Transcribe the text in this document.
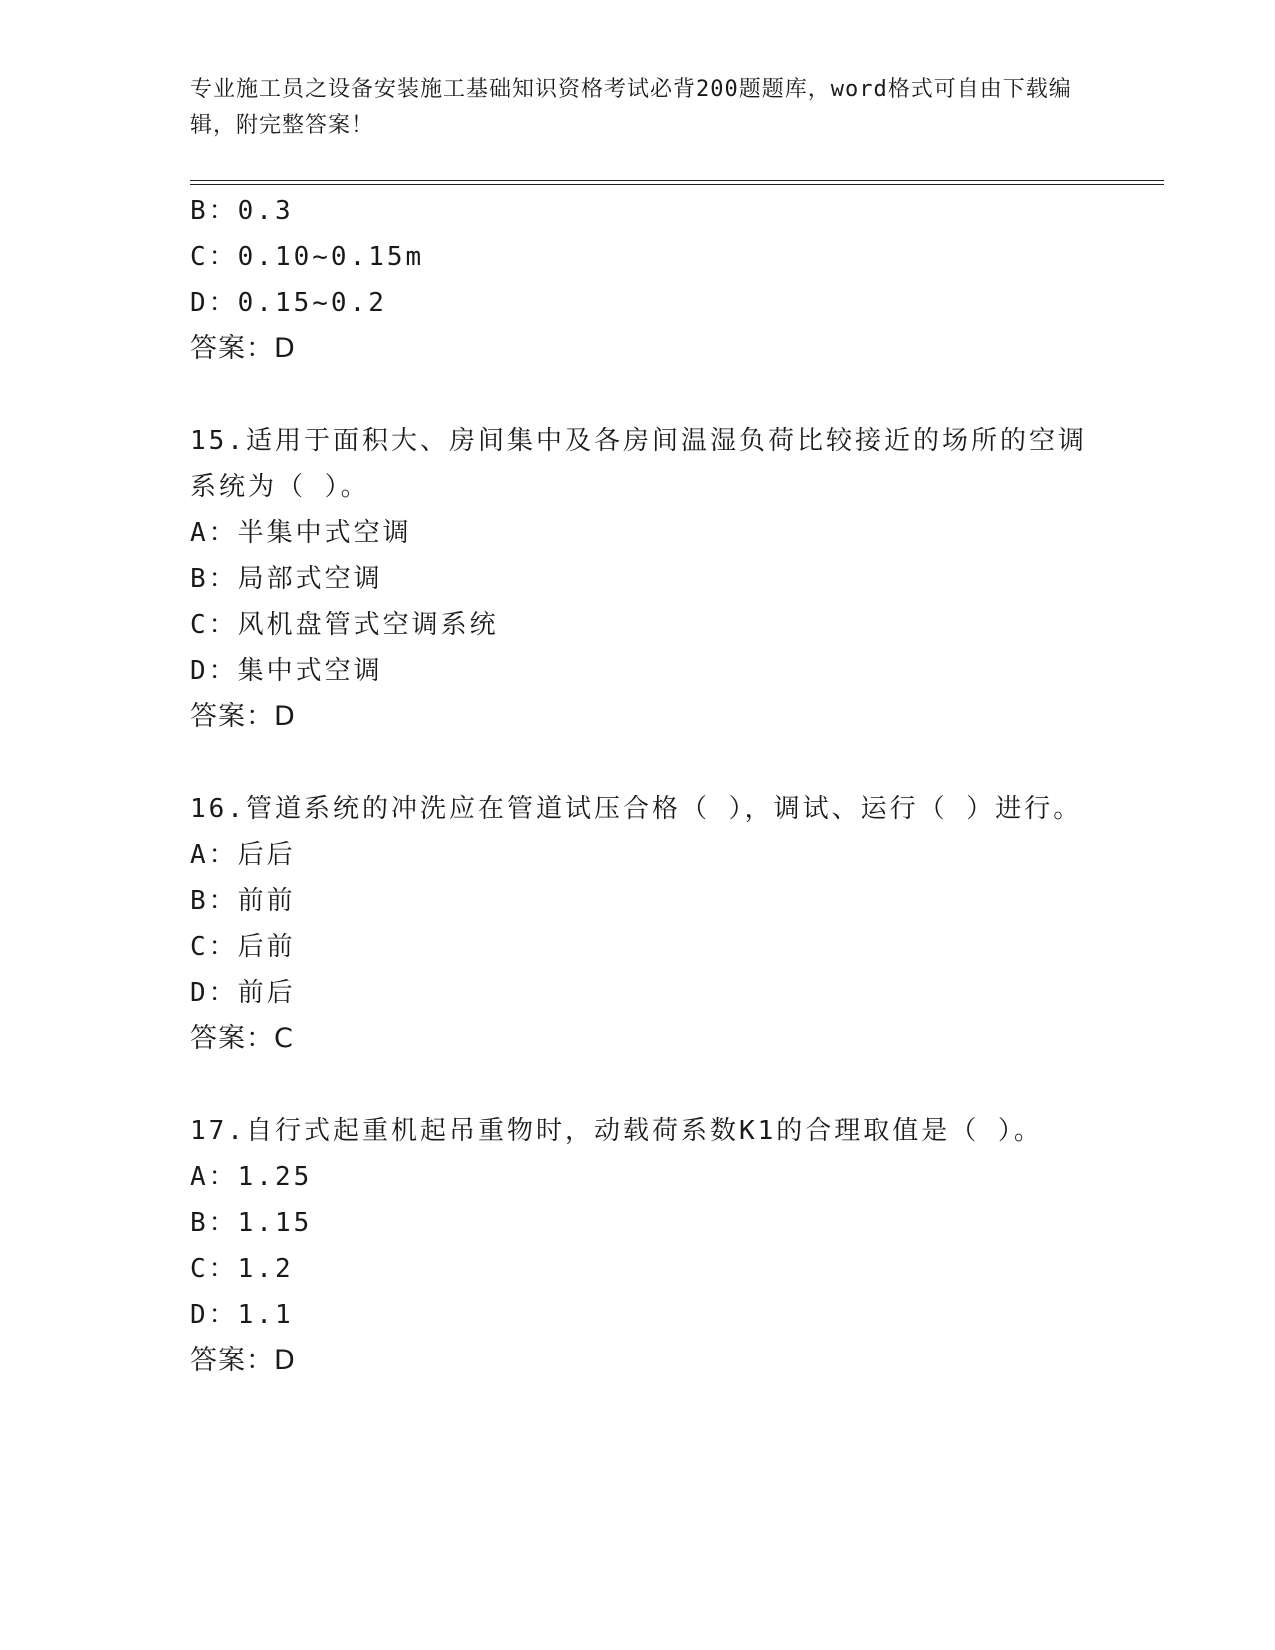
专业施工员之设备安装施工基础知识资格考试必背200题题库，word格式可自由下载编辑，附完整答案！
B：0.3
C：0.10~0.15m
D：0.15~0.2
答案：D
15.适用于面积大、房间集中及各房间温湿负荷比较接近的场所的空调系统为（ ）。
A：半集中式空调
B：局部式空调
C：风机盘管式空调系统
D：集中式空调
答案：D
16.管道系统的冲洗应在管道试压合格（ ），调试、运行（ ）进行。
A：后后
B：前前
C：后前
D：前后
答案：C
17.自行式起重机起吊重物时，动载荷系数K1的合理取值是（ ）。
A：1.25
B：1.15
C：1.2
D：1.1
答案：D
